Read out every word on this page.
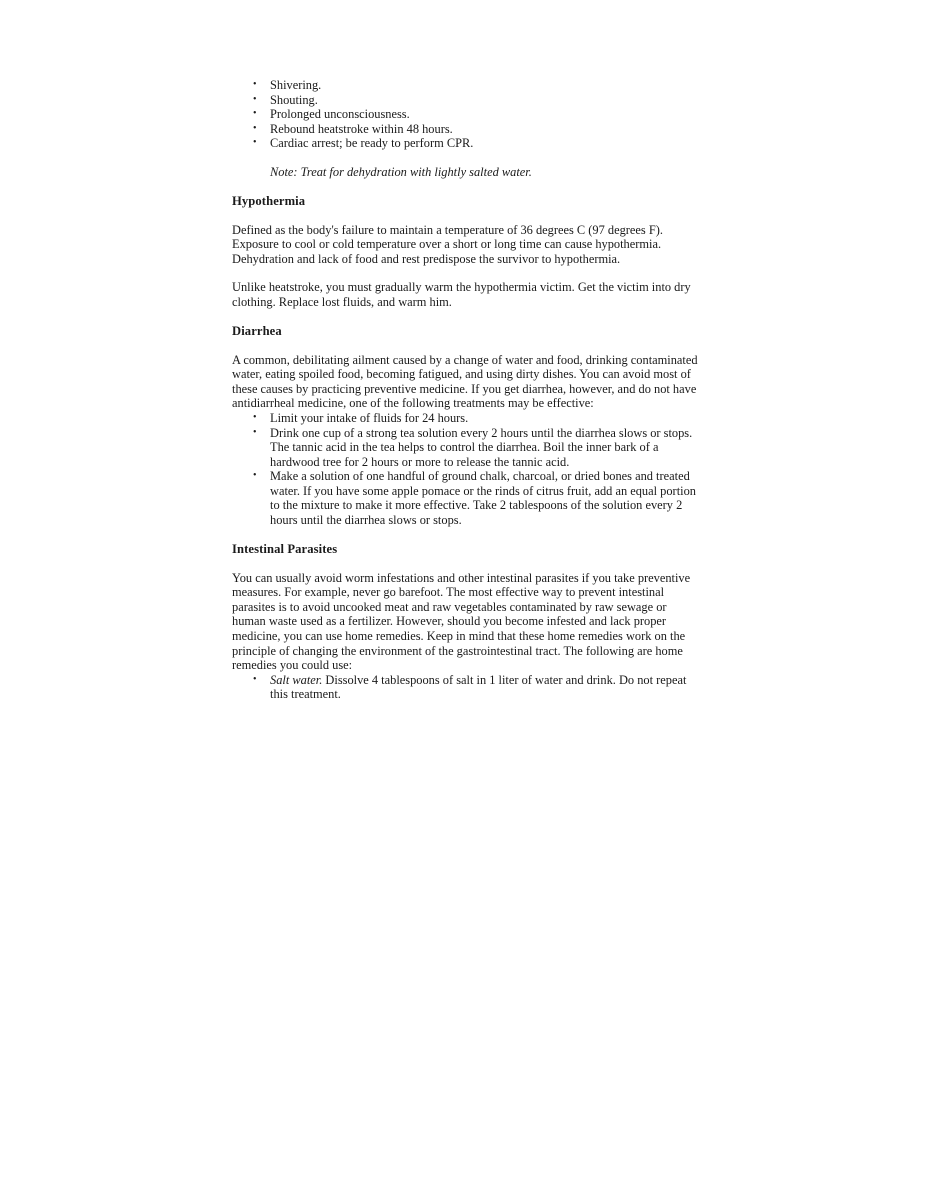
• Shivering.
• Shouting.
• Prolonged unconsciousness.
• Rebound heatstroke within 48 hours.
• Cardiac arrest; be ready to perform CPR.
Note: Treat for dehydration with lightly salted water.
Hypothermia

Defined as the body's failure to maintain a temperature of 36 degrees C (97 degrees F). Exposure to cool or cold temperature over a short or long time can cause hypothermia. Dehydration and lack of food and rest predispose the survivor to hypothermia.

Unlike heatstroke, you must gradually warm the hypothermia victim. Get the victim into dry clothing. Replace lost fluids, and warm him.

Diarrhea

A common, debilitating ailment caused by a change of water and food, drinking contaminated water, eating spoiled food, becoming fatigued, and using dirty dishes. You can avoid most of these causes by practicing preventive medicine. If you get diarrhea, however, and do not have antidiarrheal medicine, one of the following treatments may be effective:

• Limit your intake of fluids for 24 hours.
• Drink one cup of a strong tea solution every 2 hours until the diarrhea slows or stops. The tannic acid in the tea helps to control the diarrhea. Boil the inner bark of a hardwood tree for 2 hours or more to release the tannic acid.
• Make a solution of one handful of ground chalk, charcoal, or dried bones and treated water. If you have some apple pomace or the rinds of citrus fruit, add an equal portion to the mixture to make it more effective. Take 2 tablespoons of the solution every 2 hours until the diarrhea slows or stops.
Intestinal Parasites

You can usually avoid worm infestations and other intestinal parasites if you take preventive measures. For example, never go barefoot. The most effective way to prevent intestinal parasites is to avoid uncooked meat and raw vegetables contaminated by raw sewage or human waste used as a fertilizer. However, should you become infested and lack proper medicine, you can use home remedies. Keep in mind that these home remedies work on the principle of changing the environment of the gastrointestinal tract. The following are home remedies you could use:

• Salt water. Dissolve 4 tablespoons of salt in 1 liter of water and drink. Do not repeat this treatment.
